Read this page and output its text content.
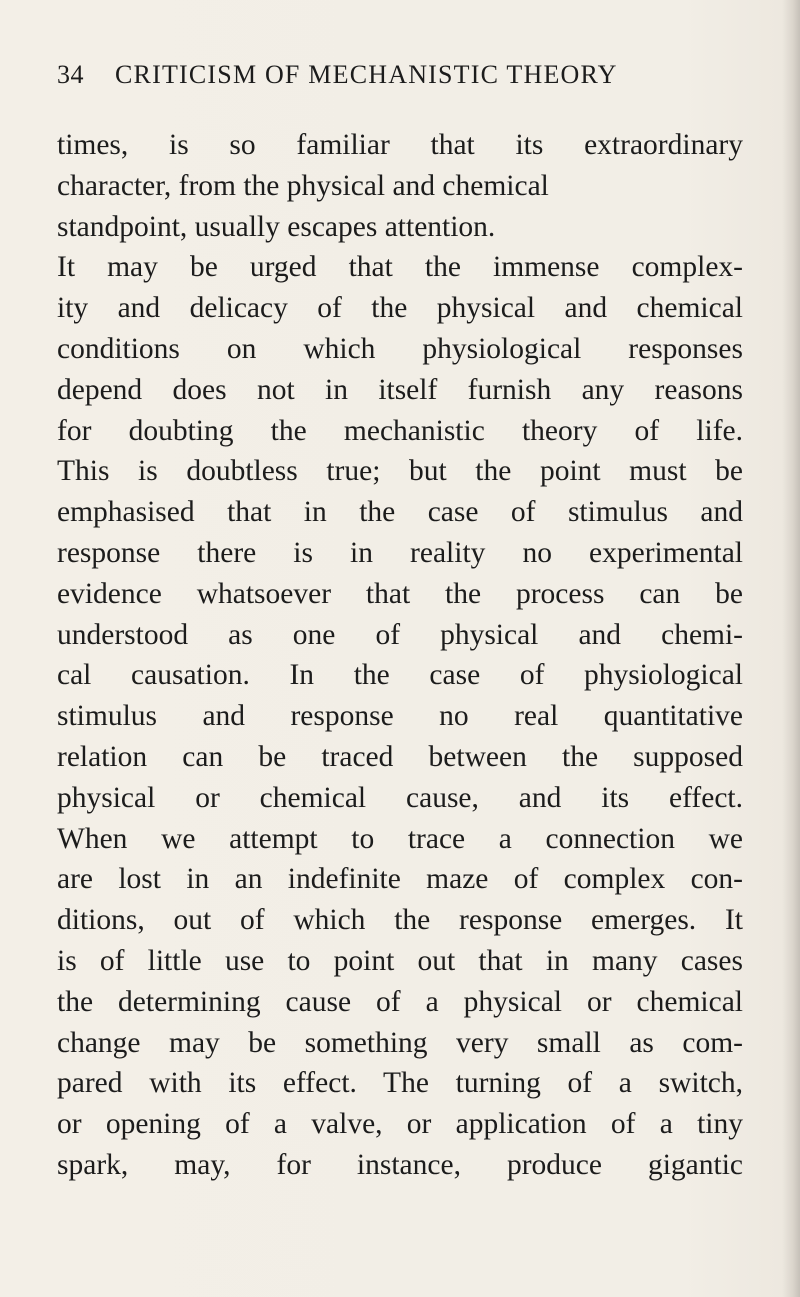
34 CRITICISM OF MECHANISTIC THEORY
times, is so familiar that its extraordinary
character, from the physical and chemical
standpoint, usually escapes attention.
It may be urged that the immense complex-
ity and delicacy of the physical and chemical
conditions on which physiological responses
depend does not in itself furnish any reasons
for doubting the mechanistic theory of life.
This is doubtless true; but the point must be
emphasised that in the case of stimulus and
response there is in reality no experimental
evidence whatsoever that the process can be
understood as one of physical and chemi-
cal causation. In the case of physiological
stimulus and response no real quantitative
relation can be traced between the supposed
physical or chemical cause, and its effect.
When we attempt to trace a connection we
are lost in an indefinite maze of complex con-
ditions, out of which the response emerges. It
is of little use to point out that in many cases
the determining cause of a physical or chemical
change may be something very small as com-
pared with its effect. The turning of a switch,
or opening of a valve, or application of a tiny
spark, may, for instance, produce gigantic
